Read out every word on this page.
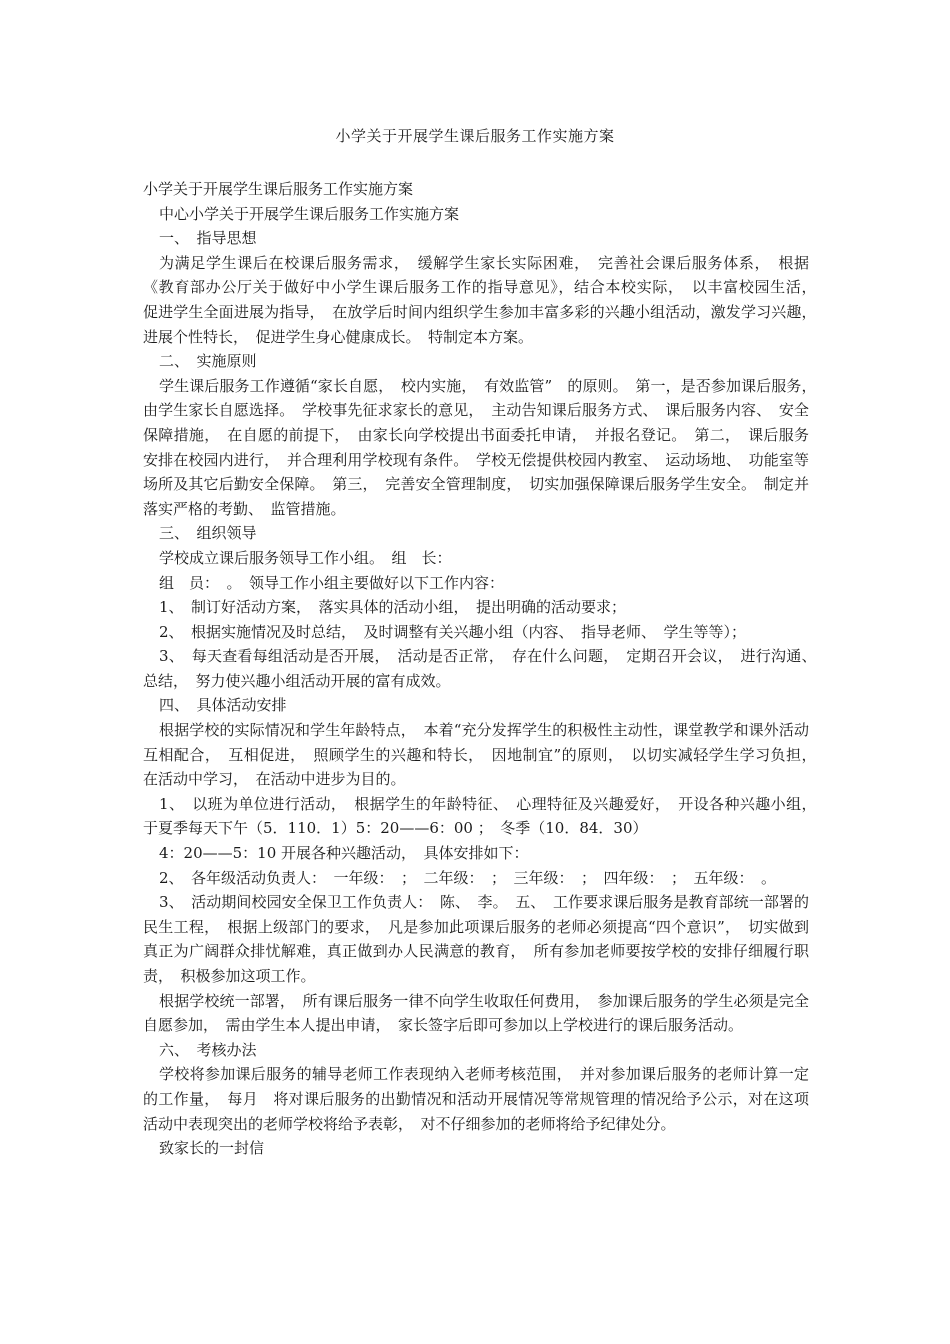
小学关于开展学生课后服务工作实施方案

小学关于开展学生课后服务工作实施方案

中心小学关于开展学生课后服务工作实施方案

一、　指导思想

为满足学生课后在校课后服务需求，　缓解学生家长实际困难，　完善社会课后服务体系，　根据《教育部办公厅关于做好中小学生课后服务工作的指导意见》，结合本校实际，　以丰富校园生活，　促进学生全面进展为指导，　在放学后时间内组织学生参加丰富多彩的兴趣小组活动，激发学习兴趣，　进展个性特长，　促进学生身心健康成长。　特制定本方案。

二、　实施原则

学生课后服务工作遵循“家长自愿，　校内实施，　有效监管”　的原则。　第一，是否参加课后服务，　由学生家长自愿选择。　学校事先征求家长的意见，　主动告知课后服务方式、　课后服务内容、　安全保障措施，　在自愿的前提下，　由家长向学校提出书面委托申请，　并报名登记。　第二，　课后服务安排在校园内进行，　并合理利用学校现有条件。　学校无偿提供校园内教室、　运动场地、　功能室等场所及其它后勤安全保障。　第三，　完善安全管理制度，　切实加强保障课后服务学生安全。　制定并落实严格的考勤、　监管措施。

三、　组织领导

学校成立课后服务领导工作小组。　组　长：

组　员：　。　领导工作小组主要做好以下工作内容：

1、　制订好活动方案，　落实具体的活动小组，　提出明确的活动要求；

2、　根据实施情况及时总结，　及时调整有关兴趣小组（内容、　指导老师、　学生等等）；

3、　每天查看每组活动是否开展，　活动是否正常，　存在什么问题，　定期召开会议，　进行沟通、　总结，　努力使兴趣小组活动开展的富有成效。

四、　具体活动安排

根据学校的实际情况和学生年龄特点，　本着“充分发挥学生的积极性主动性，课堂教学和课外活动互相配合，　互相促进，　照顾学生的兴趣和特长，　因地制宜”的原则，　以切实减轻学生学习负担，　在活动中学习，　在活动中进步为目的。

1、　以班为单位进行活动，　根据学生的年龄特征、　心理特征及兴趣爱好，　开设各种兴趣小组，　于夏季每天下午（5．110．1）5：20——6：00 ；　冬季（10．84．30）

4：20——5：10 开展各种兴趣活动，　具体安排如下：

2、　各年级活动负责人：　一年级：　；　二年级：　；　三年级：　；　四年级：　；　五年级：　。

3、　活动期间校园安全保卫工作负责人：　陈、　李。　五、　工作要求课后服务是教育部统一部署的民生工程，　根据上级部门的要求，　凡是参加此项课后服务的老师必须提高“四个意识”，　切实做到真正为广阔群众排忧解难，真正做到办人民满意的教育，　所有参加老师要按学校的安排仔细履行职责，　积极参加这项工作。

根据学校统一部署，　所有课后服务一律不向学生收取任何费用，　参加课后服务的学生必须是完全自愿参加，　需由学生本人提出申请，　家长签字后即可参加以上学校进行的课后服务活动。

六、　考核办法

学校将参加课后服务的辅导老师工作表现纳入老师考核范围，　并对参加课后服务的老师计算一定的工作量，　每月　将对课后服务的出勤情况和活动开展情况等常规管理的情况给予公示，对在这项活动中表现突出的老师学校将给予表彰，　对不仔细参加的老师将给予纪律处分。

致家长的一封信
